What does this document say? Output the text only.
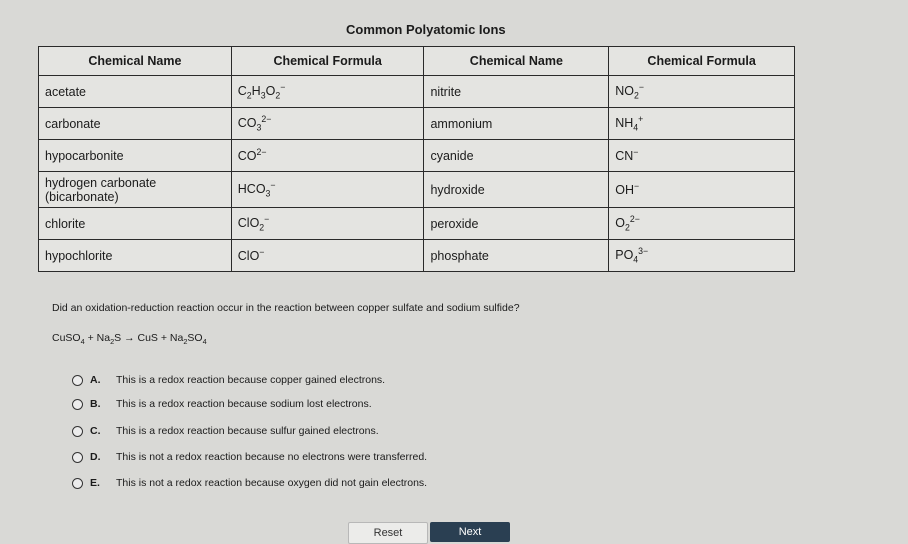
Common Polyatomic Ions
Chemical Name	Chemical Formula	Chemical Name	Chemical Formula
acetate	$C_2H_3O_2^-$	nitrite	$NO_2^-$
carbonate	$CO_3^{2-}$	ammonium	$NH_4^+$
hypocarbonite	$CO^{2-}$	cyanide	CN−
hydrogen carbonate (bicarbonate)	$HCO_3^-$	hydroxide	OH−
chlorite	ClO$_2$−	peroxide	$O_2^{2-}$
hypochlorite	ClO−	phosphate	$PO_4^{3-}$
Did an oxidation-reduction reaction occur in the reaction between copper sulfate and sodium sulfide?
CuSO$_4$ + $Na_2S$ → CuS + $Na_2SO_4$
A.	This is a redox reaction because copper gained electrons.
B.	This is a redox reaction because sodium lost electrons.
C.	This is a redox reaction because sulfur gained electrons.
D.	This is not a redox reaction because no electrons were transferred.
E.	This is not a redox reaction because oxygen did not gain electrons.
Reset	Next
